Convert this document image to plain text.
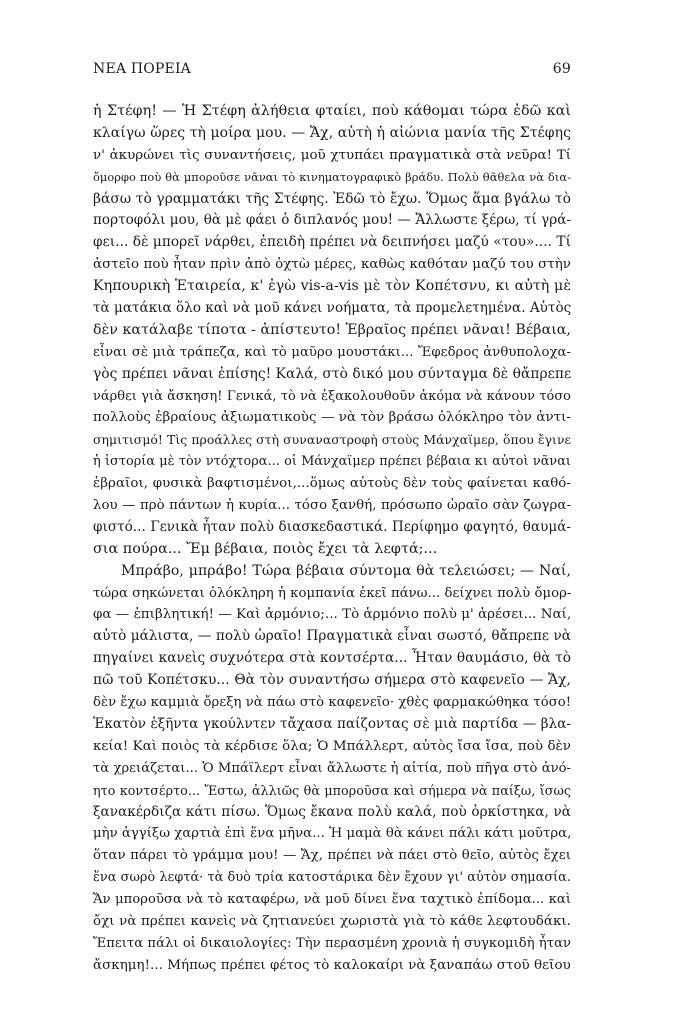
ΝΕΑ ΠΟΡΕΙΑ	69
ἡ Στέφη! — Ἡ Στέφη ἀλήθεια φταίει, ποὺ κάθομαι τώρα ἐδῶ καὶ
κλαίγω ὥρες τὴ μοίρα μου. — Ἄχ, αὐτὴ ἡ αἰώνια μανία τῆς Στέφης
ν' ἀκυρώνει τὶς συναντήσεις, μοῦ χτυπάει πραγματικὰ στὰ νεῦρα! Τί
ὄμορφο ποὺ θὰ μποροῦσε νᾶναι τὸ κινηματογραφικὸ βράδυ. Πολὺ θᾶθελα νὰ δια-
βάσω τὸ γραμματάκι τῆς Στέφης. Ἐδῶ τὸ ἔχω. Ὅμως ἅμα βγάλω τὸ
πορτοφόλι μου, θὰ μὲ φάει ὁ διπλανός μου! — Ἄλλωστε ξέρω, τί γρά-
φει... δὲ μπορεῖ νάρθει, ἐπειδὴ πρέπει νὰ δειπνήσει μαζύ «του».... Τί
ἀστεῖο ποὺ ἦταν πρὶν ἀπὸ ὀχτὼ μέρες, καθὼς καθόταν μαζύ του στὴν
Κηπουρικὴ Ἑταιρεία, κ' ἐγὼ vis-a-vis μὲ τὸν Κοπέτσνυ, κι αὐτὴ μὲ
τὰ ματάκια ὅλο καὶ νὰ μοῦ κάνει νοήματα, τὰ προμελετημένα. Αὐτὸς
δὲν κατάλαβε τίποτα - ἀπίστευτο! Ἑβραῖος πρέπει νᾶναι! Βέβαια,
εἶναι σὲ μιὰ τράπεζα, καὶ τὸ μαῦρο μουστάκι... Ἔφεδρος ἀνθυπολοχα-
γὸς πρέπει νᾶναι ἐπίσης! Καλά, στὸ δικό μου σύνταγμα δὲ θἄπρεπε
νάρθει γιὰ ἄσκηση! Γενικά, τὸ νὰ ἐξακολουθοῦν ἀκόμα νὰ κάνουν τόσο
πολλοὺς ἑβραίους ἀξιωματικοὺς — νὰ τὸν βράσω ὁλόκληρο τὸν ἀντι-
σημιτισμό! Τὶς προάλλες στὴ συναναστροφὴ στοὺς Μάνχαϊμερ, ὅπου ἔγινε
ἡ ἱστορία μὲ τὸν ντόχτορα... οἱ Μάνχαϊμερ πρέπει βέβαια κι αὐτοὶ νᾶναι
ἑβραῖοι, φυσικὰ βαφτισμένοι,...ὅμως αὐτοὺς δὲν τοὺς φαίνεται καθό-
λου — πρὸ πάντων ἡ κυρία... τόσο ξανθή, πρόσωπο ὡραῖο σὰν ζωγρα-
φιστό... Γενικὰ ἦταν πολὺ διασκεδαστικά. Περίφημο φαγητό, θαυμά-
σια πούρα... Ἔμ βέβαια, ποιὸς ἔχει τὰ λεφτά;...
Μπράβο, μπράβο! Τώρα βέβαια σύντομα θὰ τελειώσει; — Ναί,
τώρα σηκώνεται ὁλόκληρη ἡ κομπανία ἐκεῖ πάνω... δείχνει πολὺ ὄμορ-
φα — ἐπιβλητική! — Καὶ ἁρμόνιο;... Τὸ ἁρμόνιο πολὺ μ' ἀρέσει... Ναί,
αὐτὸ μάλιστα, — πολὺ ὡραῖο! Πραγματικὰ εἶναι σωστό, θἄπρεπε νὰ
πηγαίνει κανεὶς συχνότερα στὰ κοντσέρτα... Ἦταν θαυμάσιο, θὰ τὸ
πῶ τοῦ Κοπέτσκυ... Θὰ τὸν συναντήσω σήμερα στὸ καφενεῖο — Ἄχ,
δὲν ἔχω καμμιὰ ὄρεξη νὰ πάω στὸ καφενεῖο· χθὲς φαρμακώθηκα τόσο!
Ἑκατὸν ἑξῆντα γκούλντεν τἄχασα παίζοντας σὲ μιὰ παρτίδα — βλα-
κεία! Καὶ ποιὸς τὰ κέρδισε ὅλα; Ὁ Μπάλλερτ, αὐτὸς ἴσα ἴσα, ποὺ δὲν
τὰ χρειάζεται... Ὁ Μπάϊλερτ εἶναι ἄλλωστε ἡ αἰτία, ποὺ πῆγα στὸ ἀνό-
ητο κοντσέρτο... Ἔστω, ἀλλιῶς θὰ μποροῦσα καὶ σήμερα νὰ παίξω, ἴσως
ξανακέρδιζα κάτι πίσω. Ὅμως ἔκανα πολὺ καλά, ποὺ ὁρκίστηκα, νὰ
μὴν ἀγγίξω χαρτιὰ ἐπὶ ἕνα μῆνα... Ἡ μαμὰ θὰ κάνει πάλι κάτι μοῦτρα,
ὅταν πάρει τὸ γράμμα μου! — Ἄχ, πρέπει νὰ πάει στὸ θεῖο, αὐτὸς ἔχει
ἕνα σωρὸ λεφτά· τὰ δυὸ τρία κατοστάρικα δὲν ἔχουν γι' αὐτὸν σημασία.
Ἄν μποροῦσα νὰ τὸ καταφέρω, νὰ μοῦ δίνει ἕνα ταχτικὸ ἐπίδομα... καὶ
ὄχι νὰ πρέπει κανεὶς νὰ ζητιανεύει χωριστὰ γιὰ τὸ κάθε λεφτουδάκι.
Ἔπειτα πάλι οἱ δικαιολογίες: Τὴν περασμένη χρονιὰ ἡ συγκομιδὴ ἦταν
ἄσκημη!... Μήπως πρέπει φέτος τὸ καλοκαίρι νὰ ξαναπάω στοῦ θεῖου
